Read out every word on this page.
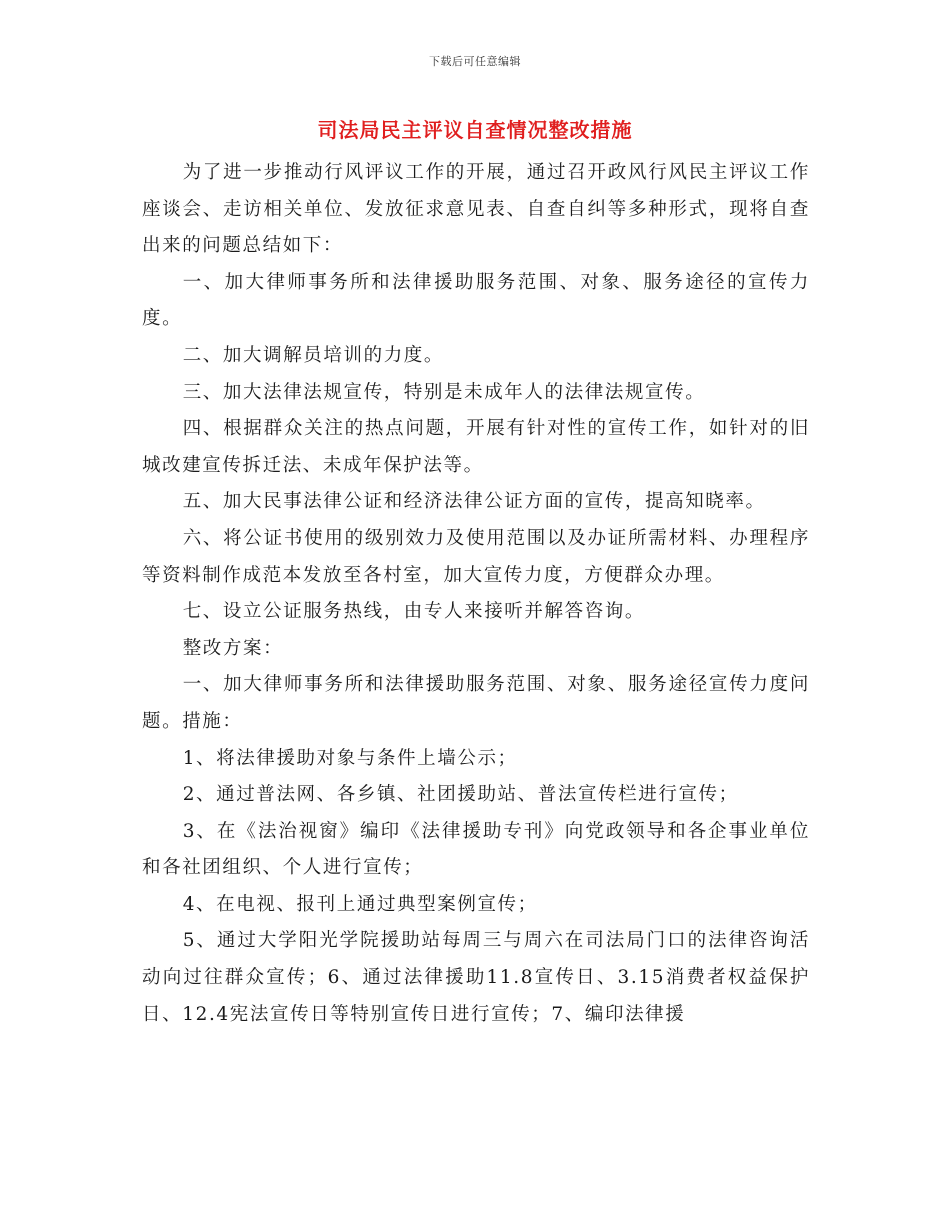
下载后可任意编辑
司法局民主评议自查情况整改措施

为了进一步推动行风评议工作的开展，通过召开政风行风民主评议工作座谈会、走访相关单位、发放征求意见表、自查自纠等多种形式，现将自查出来的问题总结如下：

一、加大律师事务所和法律援助服务范围、对象、服务途径的宣传力度。

二、加大调解员培训的力度。

三、加大法律法规宣传，特别是未成年人的法律法规宣传。

四、根据群众关注的热点问题，开展有针对性的宣传工作，如针对的旧城改建宣传拆迁法、未成年保护法等。

五、加大民事法律公证和经济法律公证方面的宣传，提高知晓率。

六、将公证书使用的级别效力及使用范围以及办证所需材料、办理程序等资料制作成范本发放至各村室，加大宣传力度，方便群众办理。

七、设立公证服务热线，由专人来接听并解答咨询。

整改方案：

一、加大律师事务所和法律援助服务范围、对象、服务途径宣传力度问题。措施：

1、将法律援助对象与条件上墙公示；

2、通过普法网、各乡镇、社团援助站、普法宣传栏进行宣传；

3、在《法治视窗》编印《法律援助专刊》向党政领导和各企事业单位和各社团组织、个人进行宣传；

4、在电视、报刊上通过典型案例宣传；

5、通过大学阳光学院援助站每周三与周六在司法局门口的法律咨询活动向过往群众宣传；6、通过法律援助11.8宣传日、3.15消费者权益保护日、12.4宪法宣传日等特别宣传日进行宣传；7、编印法律援
